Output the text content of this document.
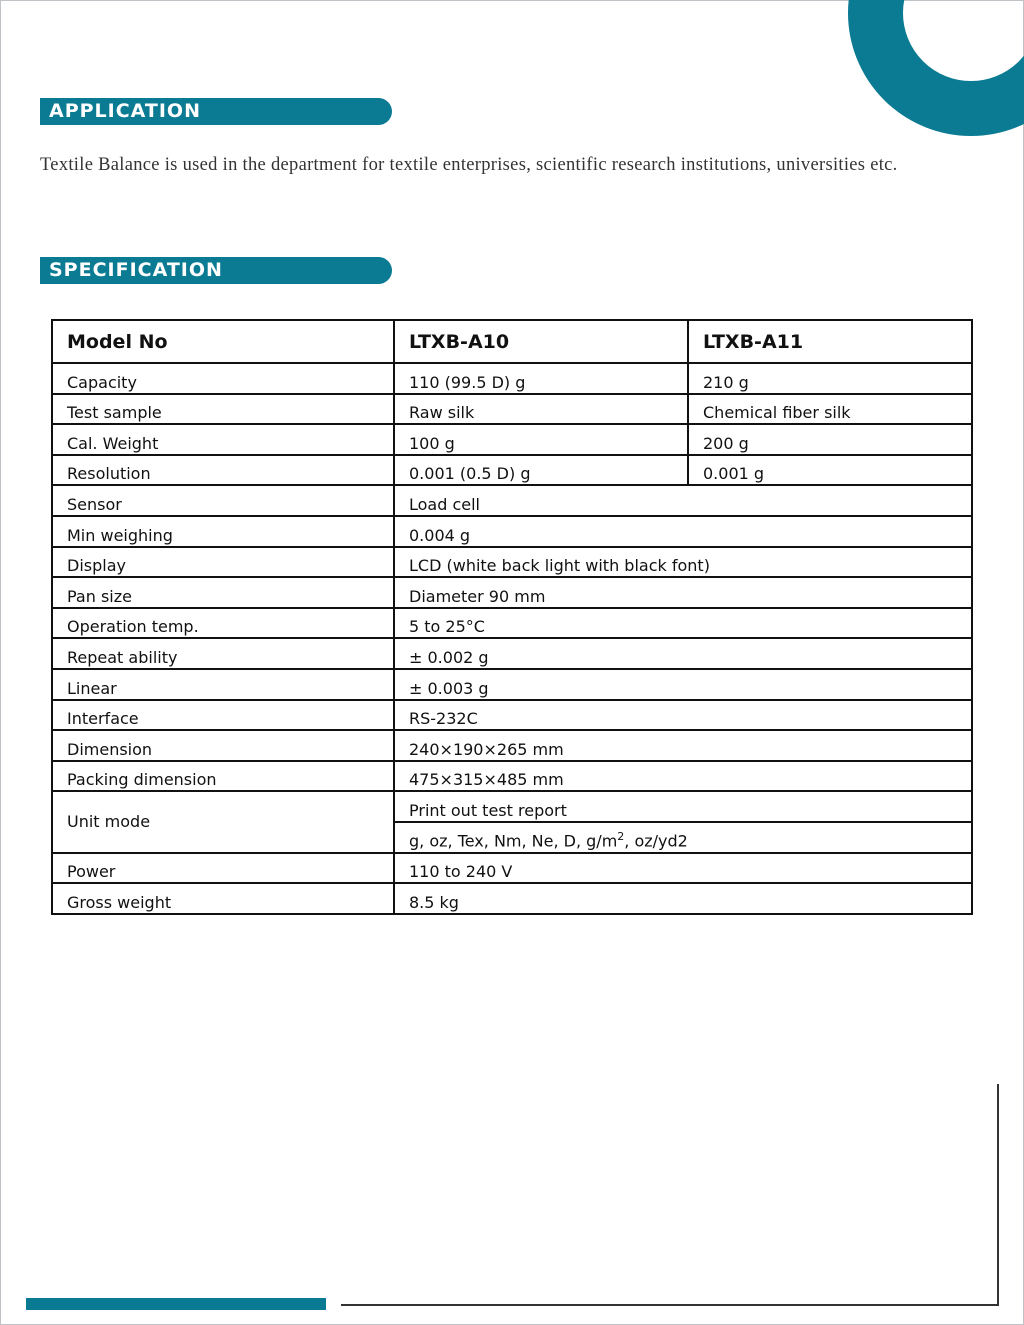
APPLICATION

Textile Balance is used in the department for textile enterprises, scientific research institutions, universities etc.

SPECIFICATION
Model No	LTXB-A10	LTXB-A11
Capacity	110 (99.5 D) g	210 g
Test sample	Raw silk	Chemical fiber silk
Cal. Weight	100 g	200 g
Resolution	0.001 (0.5 D) g	0.001 g
Sensor	Load cell	
Min weighing	0.004 g	
Display	LCD (white back light with black font)	
Pan size	Diameter 90 mm	
Operation temp.	5 to 25°C	
Repeat ability	± 0.002 g	
Linear	± 0.003 g	
Interface	RS-232C	
Dimension	240×190×265 mm	
Packing dimension	475×315×485 mm	
Unit mode	Print out test report	
	g, oz, Tex, Nm, Ne, D, $g/m^2$, oz/yd2	
Power	110 to 240 V	
Gross weight	8.5 kg	
